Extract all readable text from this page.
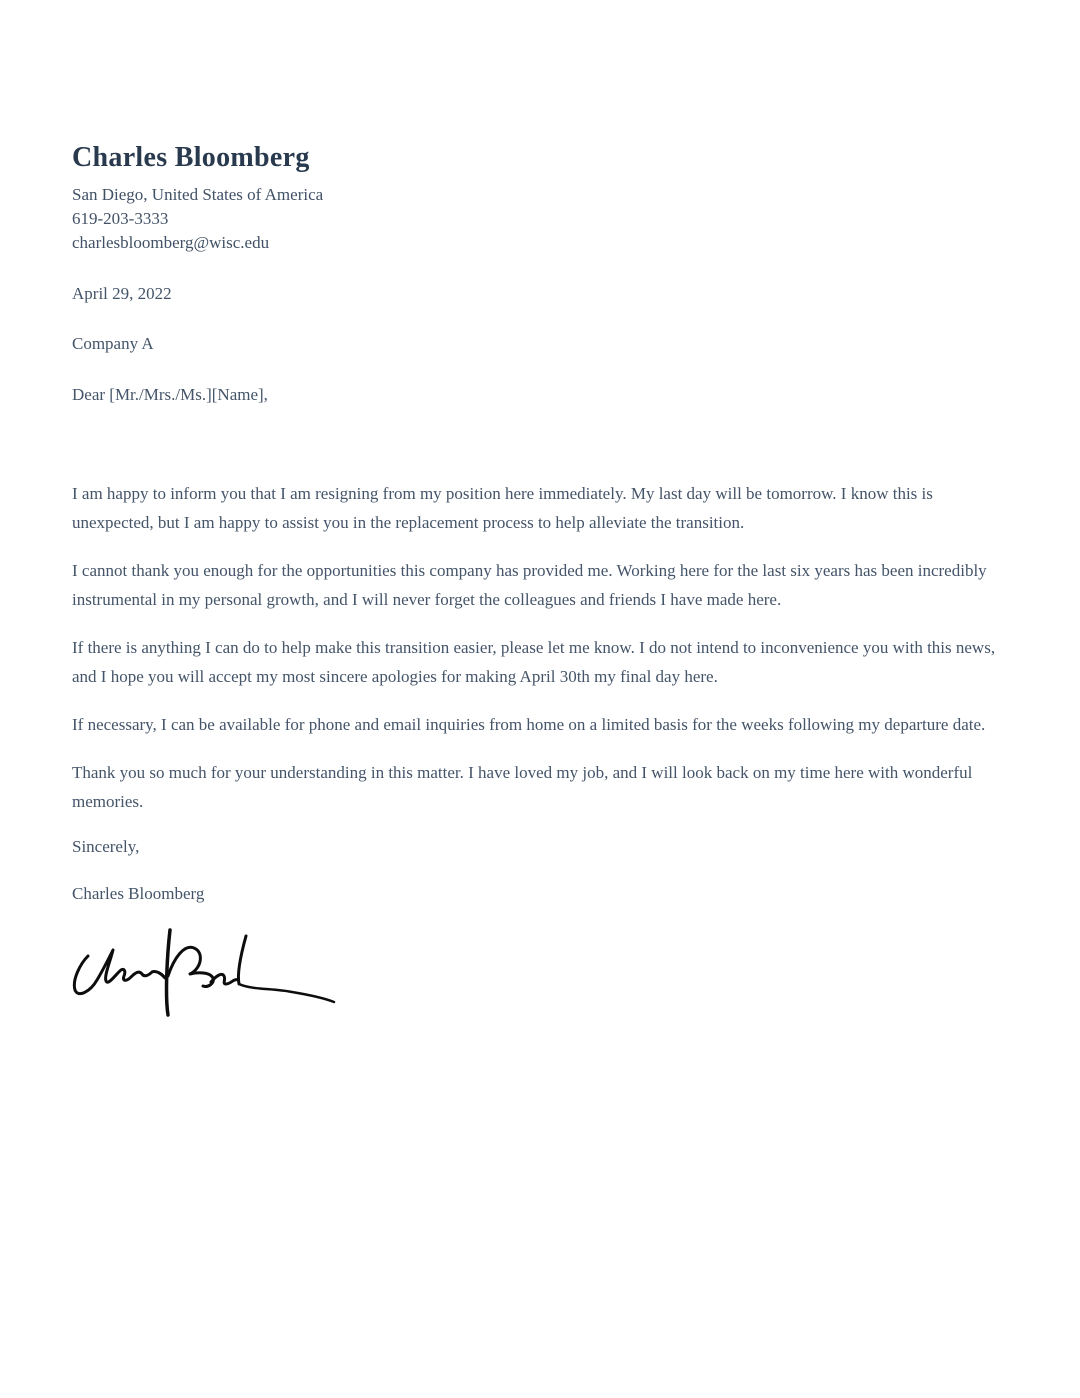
Charles Bloomberg
San Diego, United States of America
619-203-3333
charlesbloomberg@wisc.edu
April 29, 2022
Company A
Dear [Mr./Mrs./Ms.][Name],

I am happy to inform you that I am resigning from my position here immediately. My last day will be tomorrow. I know this is unexpected, but I am happy to assist you in the replacement process to help alleviate the transition.

I cannot thank you enough for the opportunities this company has provided me. Working here for the last six years has been incredibly instrumental in my personal growth, and I will never forget the colleagues and friends I have made here.

If there is anything I can do to help make this transition easier, please let me know. I do not intend to inconvenience you with this news, and I hope you will accept my most sincere apologies for making April 30th my final day here.

If necessary, I can be available for phone and email inquiries from home on a limited basis for the weeks following my departure date.

Thank you so much for your understanding in this matter. I have loved my job, and I will look back on my time here with wonderful memories.

Sincerely,
Charles Bloomberg
